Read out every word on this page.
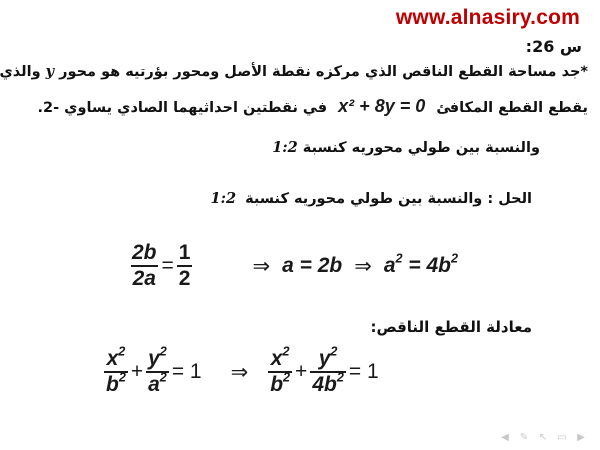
www.alnasiry.com
س 26:
*جد مساحة القطع الناقص الذي مركزه نقطة الأصل ومحور بؤرتيه هو محور y والذي
يقطع القطع المكافئ x² + 8y = 0 في نقطتين احداثيهما الصادي يساوي -2.
والنسبة بين طولي محوريه كنسبة 1:2
الحل : والنسبة بين طولي محوريه كنسبة 1:2
$\frac{2b}{2a} = \frac{1}{2}$	⇒ a = 2b ⇒ $a^2 = 4b^2$
معادلة القطع الناقص:
$\frac{x^2}{b^2} + \frac{y^2}{a^2} = 1$ ⇒ $\frac{x^2}{b^2} + \frac{y^2}{4b^2} = 1$
◀	✎ ↖ ▭	▶
